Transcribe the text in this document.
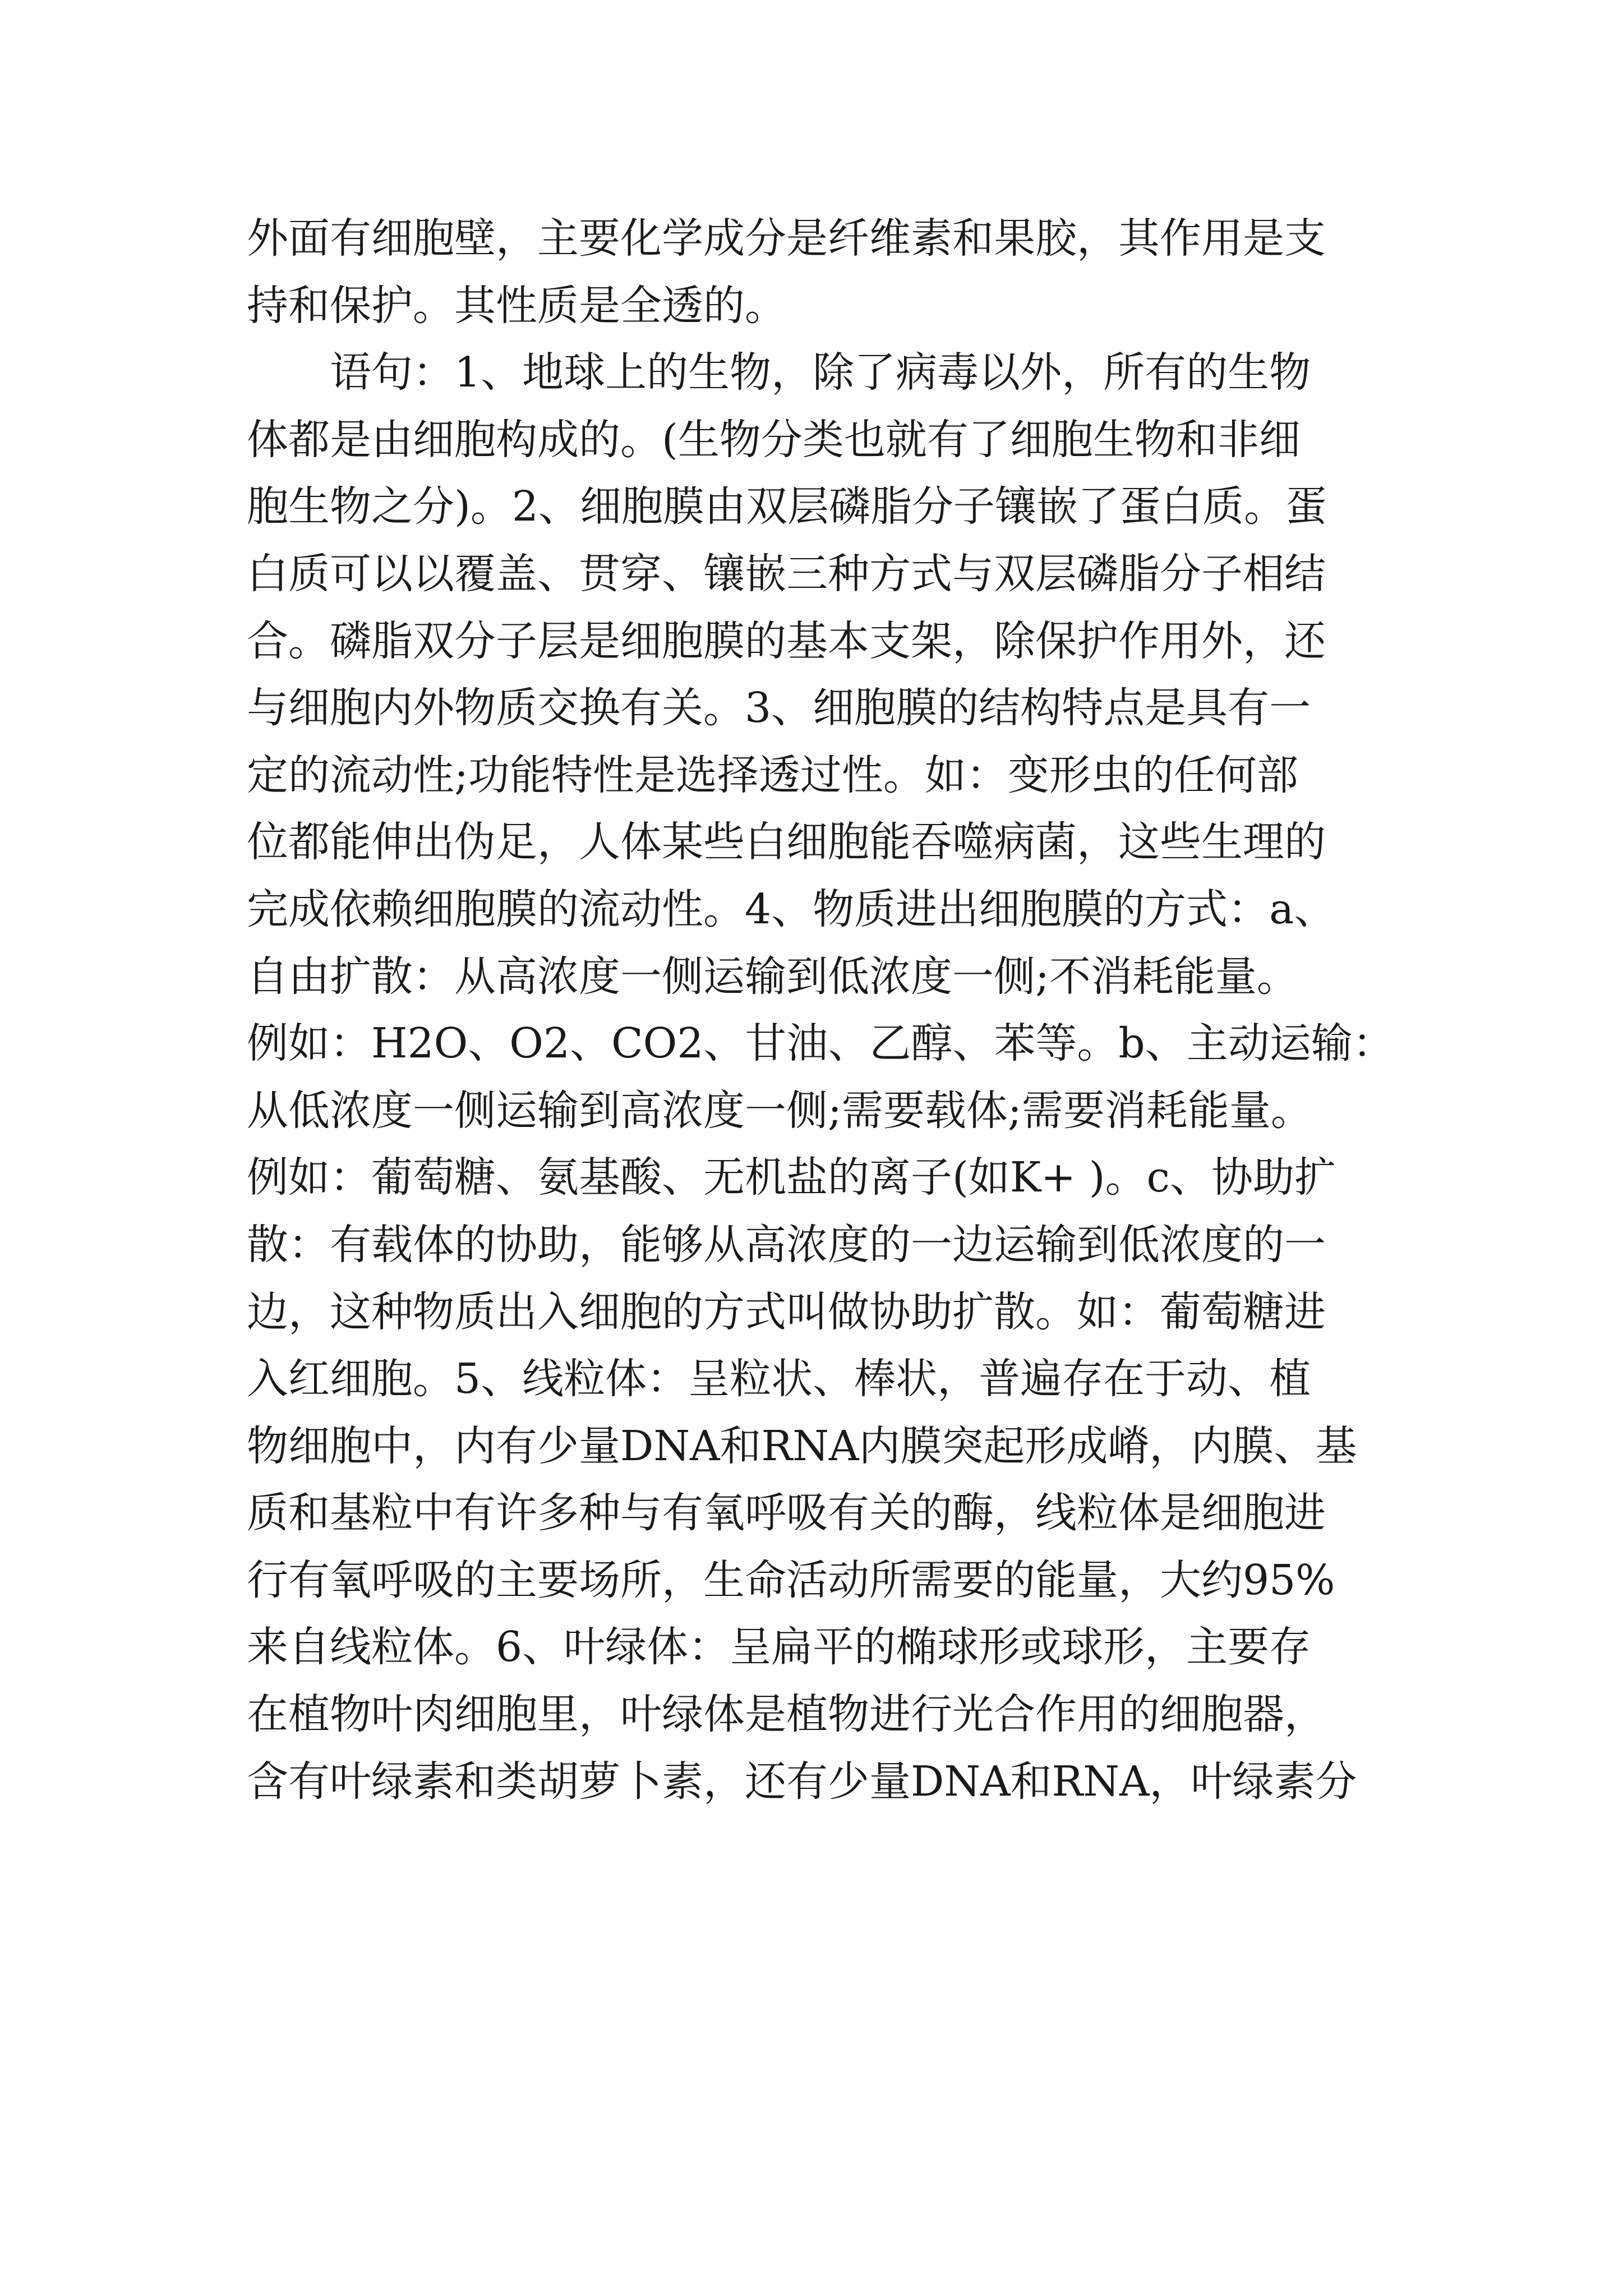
外面有细胞壁，主要化学成分是纤维素和果胶，其作用是支
持和保护。其性质是全透的。
　　语句：1、地球上的生物，除了病毒以外，所有的生物
体都是由细胞构成的。(生物分类也就有了细胞生物和非细
胞生物之分)。2、细胞膜由双层磷脂分子镶嵌了蛋白质。蛋
白质可以以覆盖、贯穿、镶嵌三种方式与双层磷脂分子相结
合。磷脂双分子层是细胞膜的基本支架，除保护作用外，还
与细胞内外物质交换有关。3、细胞膜的结构特点是具有一
定的流动性;功能特性是选择透过性。如：变形虫的任何部
位都能伸出伪足，人体某些白细胞能吞噬病菌，这些生理的
完成依赖细胞膜的流动性。4、物质进出细胞膜的方式：a、
自由扩散：从高浓度一侧运输到低浓度一侧;不消耗能量。
例如：H2O、O2、CO2、甘油、乙醇、苯等。b、主动运输：
从低浓度一侧运输到高浓度一侧;需要载体;需要消耗能量。
例如：葡萄糖、氨基酸、无机盐的离子(如K+ )。c、协助扩
散：有载体的协助，能够从高浓度的一边运输到低浓度的一
边，这种物质出入细胞的方式叫做协助扩散。如：葡萄糖进
入红细胞。5、线粒体：呈粒状、棒状，普遍存在于动、植
物细胞中，内有少量DNA和RNA内膜突起形成嵴，内膜、基
质和基粒中有许多种与有氧呼吸有关的酶，线粒体是细胞进
行有氧呼吸的主要场所，生命活动所需要的能量，大约95%
来自线粒体。6、叶绿体：呈扁平的椭球形或球形，主要存
在植物叶肉细胞里，叶绿体是植物进行光合作用的细胞器，
含有叶绿素和类胡萝卜素，还有少量DNA和RNA，叶绿素分
